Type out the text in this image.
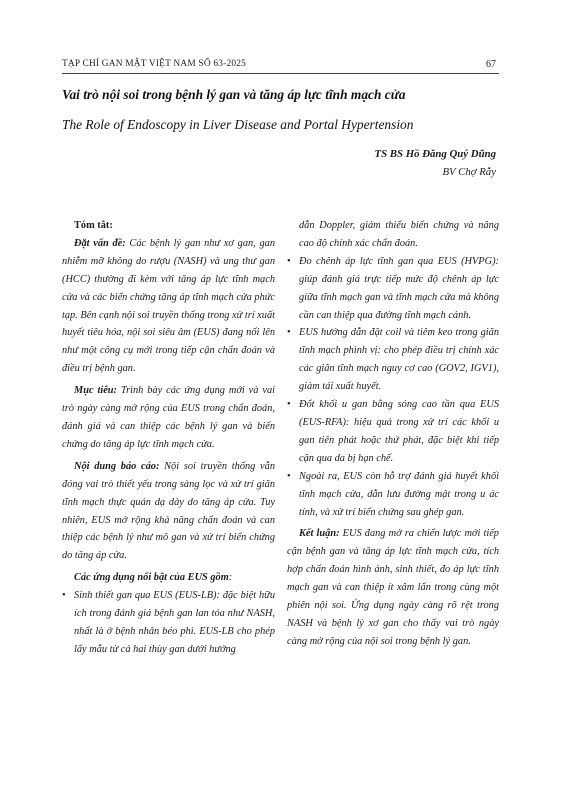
TẠP CHÍ GAN MẬT VIỆT NAM SỐ 63-2025	67
Vai trò nội soi trong bệnh lý gan và tăng áp lực tĩnh mạch cửa
The Role of Endoscopy in Liver Disease and Portal Hypertension
TS BS Hồ Đăng Quý Dũng
BV Chợ Rẫy

Tóm tắt:

Đặt vấn đề: Các bệnh lý gan như xơ gan, gan nhiễm mỡ không do rượu (NASH) và ung thư gan (HCC) thường đi kèm với tăng áp lực tĩnh mạch cửa và các biến chứng tăng áp tĩnh mạch cửa phức tạp. Bên cạnh nội soi truyền thống trong xử trí xuất huyết tiêu hóa, nội soi siêu âm (EUS) đang nổi lên như một công cụ mới trong tiếp cận chẩn đoán và điều trị bệnh gan.

Mục tiêu: Trình bày các ứng dụng mới và vai trò ngày càng mở rộng của EUS trong chẩn đoán, đánh giá và can thiệp các bệnh lý gan và biến chứng do tăng áp lực tĩnh mạch cửa.

Nội dung báo cáo: Nội soi truyền thống vẫn đóng vai trò thiết yếu trong sàng lọc và xử trí giãn tĩnh mạch thực quản dạ dày do tăng áp cửa. Tuy nhiên, EUS mở rộng khả năng chẩn đoán và can thiệp các bệnh lý như mô gan và xử trí biến chứng do tăng áp cửa.

Các ứng dụng nổi bật của EUS gồm:

• Sinh thiết gan qua EUS (EUS-LB): đặc biệt hữu ích trong đánh giá bệnh gan lan tỏa như NASH, nhất là ở bệnh nhân béo phì. EUS-LB cho phép lấy mẫu từ cả hai thùy gan dưới hướng
dẫn Doppler, giảm thiểu biến chứng và nâng cao độ chính xác chẩn đoán.
• Đo chênh áp lực tĩnh gan qua EUS (HVPG): giúp đánh giá trực tiếp mức độ chênh áp lực giữa tĩnh mạch gan và tĩnh mạch cửa mà không cần can thiệp qua đường tĩnh mạch cảnh.
• EUS hướng dẫn đặt coil và tiêm keo trong giãn tĩnh mạch phình vị: cho phép điều trị chính xác các giãn tĩnh mạch nguy cơ cao (GOV2, IGV1), giảm tái xuất huyết.
• Đốt khối u gan bằng sóng cao tần qua EUS (EUS-RFA): hiệu quả trong xử trí các khối u gan tiên phát hoặc thứ phát, đặc biệt khi tiếp cận qua da bị hạn chế.
• Ngoài ra, EUS còn hỗ trợ đánh giá huyết khối tĩnh mạch cửa, dẫn lưu đường mật trong u ác tính, và xử trí biến chứng sau ghép gan.

Kết luận: EUS đang mở ra chiến lược mới tiếp cận bệnh gan và tăng áp lực tĩnh mạch cửa, tích hợp chẩn đoán hình ảnh, sinh thiết, đo áp lực tĩnh mạch gan và can thiệp ít xâm lấn trong cùng một phiên nội soi. Ứng dụng ngày càng rõ rệt trong NASH và bệnh lý xơ gan cho thấy vai trò ngày càng mở rộng của nội soi trong bệnh lý gan.
